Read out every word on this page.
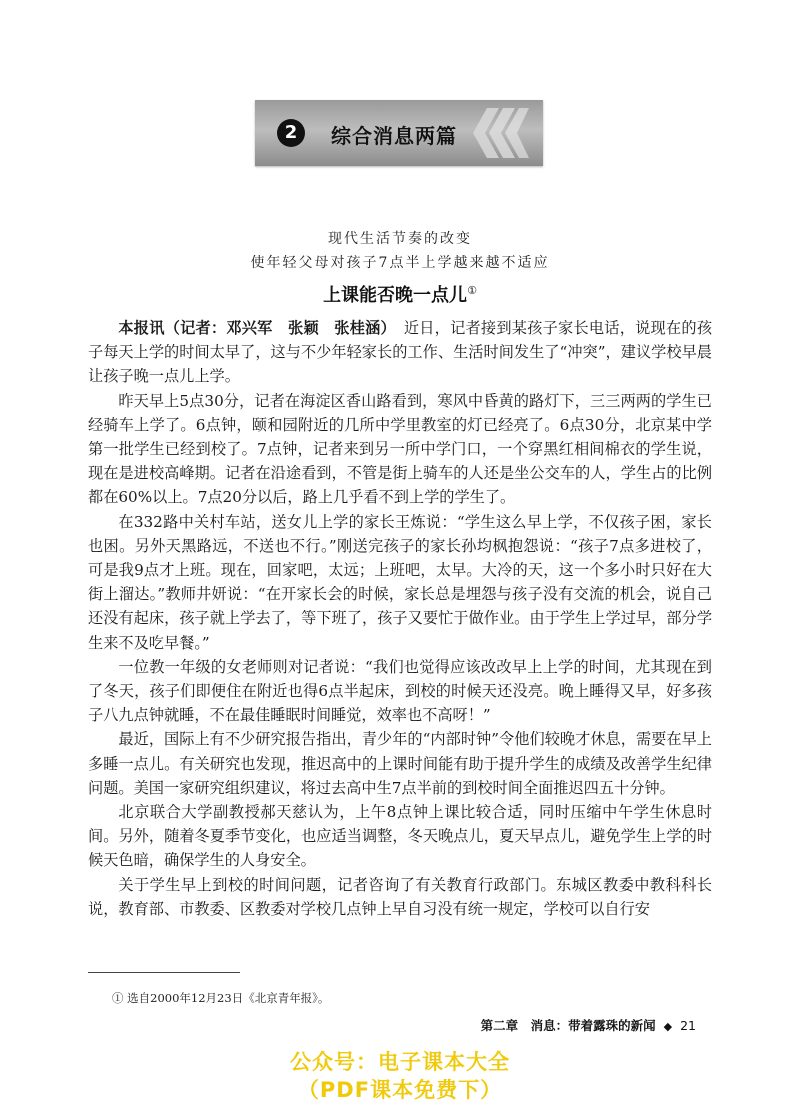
2	综合消息两篇
现代生活节奏的改变
使年轻父母对孩子7点半上学越来越不适应
上课能否晚一点儿①

本报讯（记者：邓兴军　张颖　张桂涵）　 近日，记者接到某孩子家长电话，说现在的孩子每天上学的时间太早了，这与不少年轻家长的工作、生活时间发生了“冲突”，建议学校早晨让孩子晚一点儿上学。

昨天早上5点30分，记者在海淀区香山路看到，寒风中昏黄的路灯下，三三两两的学生已经骑车上学了。6点钟，颐和园附近的几所中学里教室的灯已经亮了。6点30分，北京某中学第一批学生已经到校了。7点钟，记者来到另一所中学门口，一个穿黑红相间棉衣的学生说，现在是进校高峰期。记者在沿途看到，不管是街上骑车的人还是坐公交车的人，学生占的比例都在60%以上。7点20分以后，路上几乎看不到上学的学生了。

在332路中关村车站，送女儿上学的家长王炼说：“学生这么早上学，不仅孩子困，家长也困。另外天黑路远，不送也不行。”刚送完孩子的家长孙均枫抱怨说：“孩子7点多进校了，可是我9点才上班。现在，回家吧，太远；上班吧，太早。大冷的天，这一个多小时只好在大街上溜达。”教师井妍说：“在开家长会的时候，家长总是埋怨与孩子没有交流的机会，说自己还没有起床，孩子就上学去了，等下班了，孩子又要忙于做作业。由于学生上学过早，部分学生来不及吃早餐。”

一位教一年级的女老师则对记者说：“我们也觉得应该改改早上上学的时间，尤其现在到了冬天，孩子们即便住在附近也得6点半起床，到校的时候天还没亮。晚上睡得又早，好多孩子八九点钟就睡，不在最佳睡眠时间睡觉，效率也不高呀！”

最近，国际上有不少研究报告指出，青少年的“内部时钟”令他们较晚才休息，需要在早上多睡一点儿。有关研究也发现，推迟高中的上课时间能有助于提升学生的成绩及改善学生纪律问题。美国一家研究组织建议，将过去高中生7点半前的到校时间全面推迟四五十分钟。

北京联合大学副教授郝天慈认为，上午8点钟上课比较合适，同时压缩中午学生休息时间。另外，随着冬夏季节变化，也应适当调整，冬天晚点儿，夏天早点儿，避免学生上学的时候天色暗，确保学生的人身安全。

关于学生早上到校的时间问题，记者咨询了有关教育行政部门。东城区教委中教科科长说，教育部、市教委、区教委对学校几点钟上早自习没有统一规定，学校可以自行安

① 选自2000年12月23日《北京青年报》。
第二章　消息：带着露珠的新闻 ◆ 21
公众号：电子课本大全
（PDF课本免费下）
